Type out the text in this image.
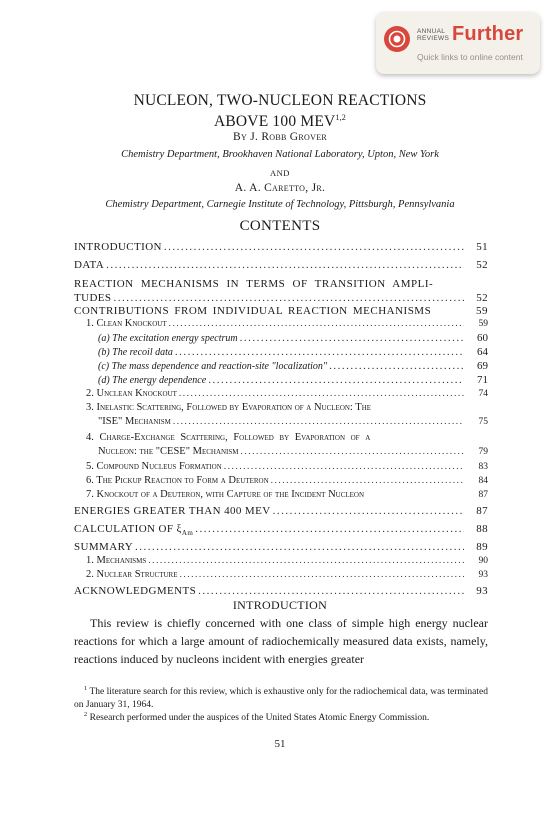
ANNUAL
REVIEWS Further
Quick links to online content
NUCLEON, TWO-NUCLEON REACTIONS
ABOVE 100 MEV$^{1,2}$
By J. Robb Grover
Chemistry Department, Brookhaven National Laboratory, Upton, New York
AND
A. A. Caretto, Jr.
Chemistry Department, Carnegie Institute of Technology, Pittsburgh, Pennsylvania
CONTENTS
INTRODUCTION .....	51
DATA .....	52
REACTION MECHANISMS IN TERMS OF TRANSITION AMPLI-
TUDES .....	52
CONTRIBUTIONS FROM INDIVIDUAL REACTION MECHANISMS	59
1. Clean Knockout .....	59
(a) The excitation energy spectrum .....	60
(b) The recoil data .....	64
(c) The mass dependence and reaction-site "localization" .....	69
(d) The energy dependence .....	71
2. Unclean Knockout .....	74
3. Inelastic Scattering, Followed by Evaporation of a Nucleon: The
"ISE" Mechanism .....	75
4. Charge-Exchange Scattering, Followed by Evaporation of a
Nucleon: the "CESE" Mechanism .....	79
5. Compound Nucleus Formation .....	83
6. The Pickup Reaction to Form a Deuteron .....	84
7. Knockout of a Deuteron, with Capture of the Incident Nucleon	87
ENERGIES GREATER THAN 400 MEV .....	87
CALCULATION OF $\xi_{Am}$ .....	88
SUMMARY .....	89
1. Mechanisms .....	90
2. Nuclear Structure .....	93
ACKNOWLEDGMENTS .....	93
INTRODUCTION
This review is chiefly concerned with one class of simple high energy nuclear reactions for which a large amount of radiochemically measured data exists, namely, reactions induced by nucleons incident with energies greater
$^1$ The literature search for this review, which is exhaustive only for the radiochemical data, was terminated on January 31, 1964.
$^2$ Research performed under the auspices of the United States Atomic Energy Commission.
51
